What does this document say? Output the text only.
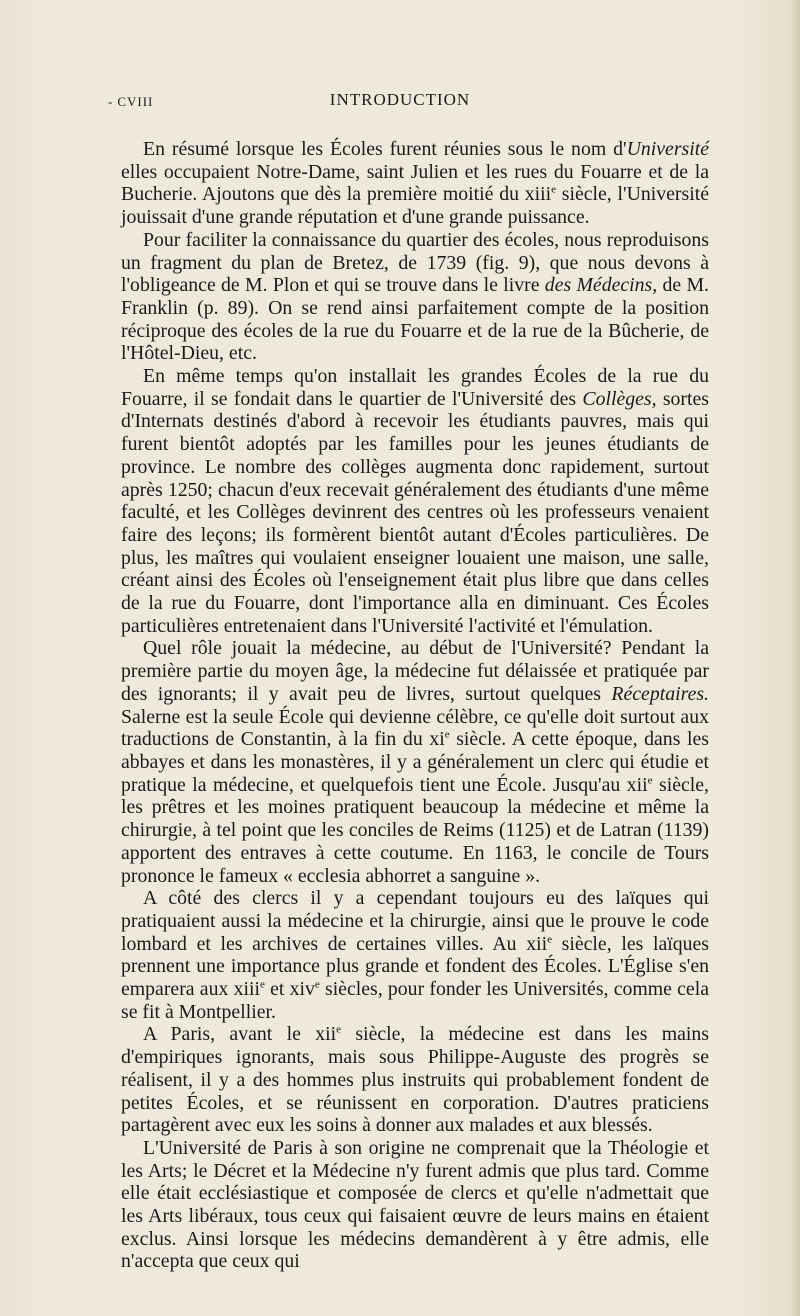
- CVIII	INTRODUCTION

En résumé lorsque les Écoles furent réunies sous le nom d'Université elles occupaient Notre-Dame, saint Julien et les rues du Fouarre et de la Bucherie. Ajoutons que dès la première moitié du xiii$^e$ siècle, l'Université jouissait d'une grande réputation et d'une grande puissance.

Pour faciliter la connaissance du quartier des écoles, nous reproduisons un fragment du plan de Bretez, de 1739 (fig. 9), que nous devons à l'obligeance de M. Plon et qui se trouve dans le livre des Médecins, de M. Franklin (p. 89). On se rend ainsi parfaitement compte de la position réciproque des écoles de la rue du Fouarre et de la rue de la Bûcherie, de l'Hôtel-Dieu, etc.

En même temps qu'on installait les grandes Écoles de la rue du Fouarre, il se fondait dans le quartier de l'Université des Collèges, sortes d'Internats destinés d'abord à recevoir les étudiants pauvres, mais qui furent bientôt adoptés par les familles pour les jeunes étudiants de province. Le nombre des collèges augmenta donc rapidement, surtout après 1250; chacun d'eux recevait généralement des étudiants d'une même faculté, et les Collèges devinrent des centres où les professeurs venaient faire des leçons; ils formèrent bientôt autant d'Écoles particulières. De plus, les maîtres qui voulaient enseigner louaient une maison, une salle, créant ainsi des Écoles où l'enseignement était plus libre que dans celles de la rue du Fouarre, dont l'importance alla en diminuant. Ces Écoles particulières entretenaient dans l'Université l'activité et l'émulation.

Quel rôle jouait la médecine, au début de l'Université? Pendant la première partie du moyen âge, la médecine fut délaissée et pratiquée par des ignorants; il y avait peu de livres, surtout quelques Réceptaires. Salerne est la seule École qui devienne célèbre, ce qu'elle doit surtout aux traductions de Constantin, à la fin du $xi^e$ siècle. A cette époque, dans les abbayes et dans les monastères, il y a généralement un clerc qui étudie et pratique la médecine, et quelquefois tient une École. Jusqu'au xii$^e$ siècle, les prêtres et les moines pratiquent beaucoup la médecine et même la chirurgie, à tel point que les conciles de Reims (1125) et de Latran (1139) apportent des entraves à cette coutume. En 1163, le concile de Tours prononce le fameux « ecclesia abhorret a sanguine ».

A côté des clercs il y a cependant toujours eu des laïques qui pratiquaient aussi la médecine et la chirurgie, ainsi que le prouve le code lombard et les archives de certaines villes. Au xii$^e$ siècle, les laïques prennent une importance plus grande et fondent des Écoles. L'Église s'en emparera aux xiii$^e$ et xiv$^e$ siècles, pour fonder les Universités, comme cela se fit à Montpellier.

A Paris, avant le xii$^e$ siècle, la médecine est dans les mains d'empiriques ignorants, mais sous Philippe-Auguste des progrès se réalisent, il y a des hommes plus instruits qui probablement fondent de petites Écoles, et se réunissent en corporation. D'autres praticiens partagèrent avec eux les soins à donner aux malades et aux blessés.

L'Université de Paris à son origine ne comprenait que la Théologie et les Arts; le Décret et la Médecine n'y furent admis que plus tard. Comme elle était ecclésiastique et composée de clercs et qu'elle n'admettait que les Arts libéraux, tous ceux qui faisaient œuvre de leurs mains en étaient exclus. Ainsi lorsque les médecins demandèrent à y être admis, elle n'accepta que ceux qui
